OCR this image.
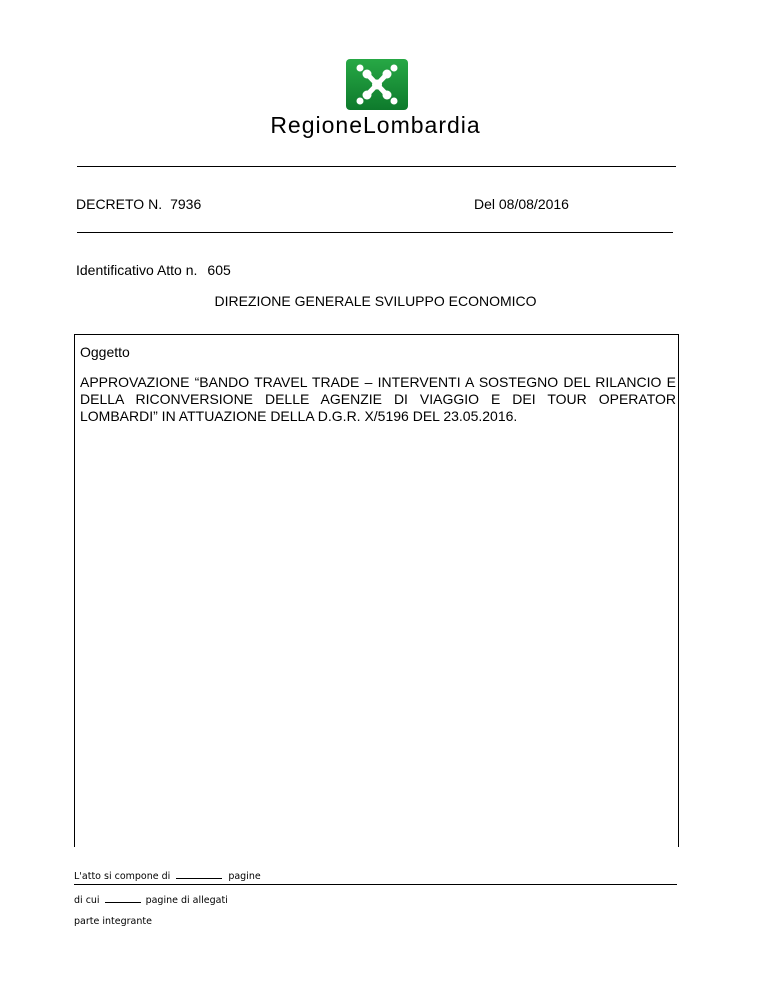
RegioneLombardia
DECRETO N. 7936	Del 08/08/2016
Identificativo Atto n. 605
DIREZIONE GENERALE SVILUPPO ECONOMICO
Oggetto
APPROVAZIONE “BANDO TRAVEL TRADE – INTERVENTI A SOSTEGNO DEL RILANCIO E DELLA RICONVERSIONE DELLE AGENZIE DI VIAGGIO E DEI TOUR OPERATOR LOMBARDI” IN ATTUAZIONE DELLA D.G.R. X/5196 DEL 23.05.2016.
L'atto si compone di	pagine
di cui	pagine di allegati
parte integrante
